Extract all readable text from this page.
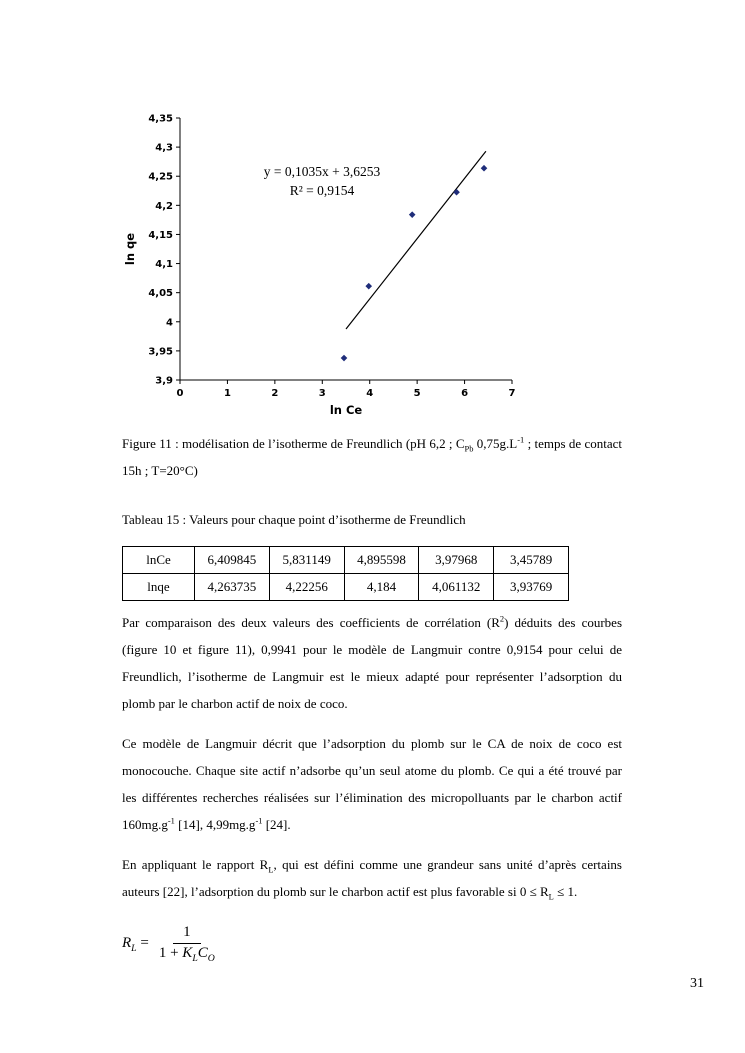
3,9
3,95
4
4,05
4,1
4,15
4,2
4,25
4,3
4,35
0	1	2	3	4	5	6	7
ln Ce
ln qe
y = 0,1035x + 3,6253
R² = 0,9154

Figure 11 : modélisation de l’isotherme de Freundlich (pH 6,2 ; $C_{Pb}$ $0,75g.L^{-1}$ ; temps de contact 15h ; T=20°C)

Tableau 15 : Valeurs pour chaque point d’isotherme de Freundlich

lnCe	6,409845	5,831149	4,895598	3,97968	3,45789
lnqe	4,263735	4,22256	4,184	4,061132	3,93769

Par comparaison des deux valeurs des coefficients de corrélation $(R^2)$ déduits des courbes (figure 10 et figure 11), 0,9941 pour le modèle de Langmuir contre 0,9154 pour celui de Freundlich, l’isotherme de Langmuir est le mieux adapté pour représenter l’adsorption du plomb par le charbon actif de noix de coco.

Ce modèle de Langmuir décrit que l’adsorption du plomb sur le CA de noix de coco est monocouche. Chaque site actif n’adsorbe qu’un seul atome du plomb. Ce qui a été trouvé par les différentes recherches réalisées sur l’élimination des micropolluants par le charbon actif $160mg.g^{-1}$ [14], $4,99mg.g^{-1}$ [24].

En appliquant le rapport $R_L$, qui est défini comme une grandeur sans unité d’après certains auteurs [22], l’adsorption du plomb sur le charbon actif est plus favorable si $0 \le R_L \le 1$.

$R_L = \frac{1}{1 + K_LC_O}$
31
